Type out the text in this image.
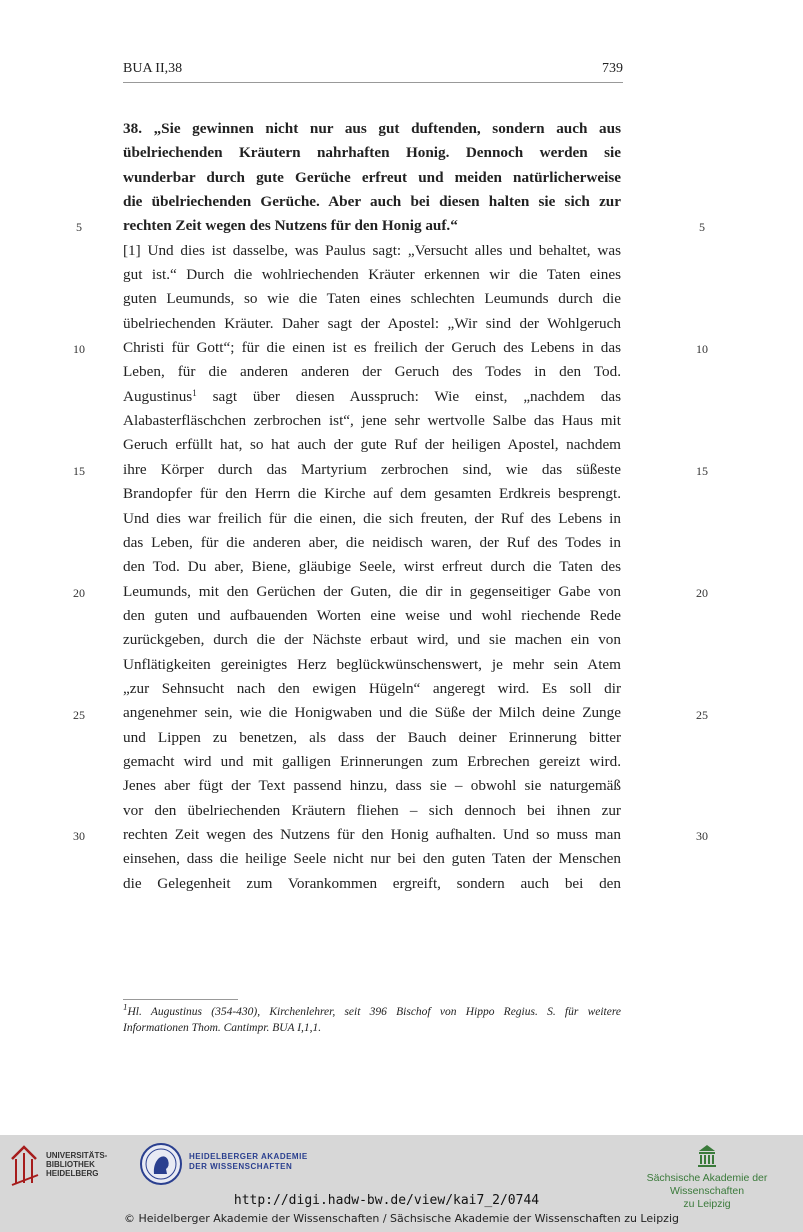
BUA II,38	739
5	5
10	10
15	15
20	20
25	25
30	30
38. „Sie gewinnen nicht nur aus gut duftenden, sondern auch aus
übelriechenden Kräutern nahrhaften Honig. Dennoch werden sie
wunderbar durch gute Gerüche erfreut und meiden natürlicherweise
die übelriechenden Gerüche. Aber auch bei diesen halten sie sich zur
rechten Zeit wegen des Nutzens für den Honig auf.“
[1] Und dies ist dasselbe, was Paulus sagt: „Versucht alles und behaltet, was
gut ist.“ Durch die wohlriechenden Kräuter erkennen wir die Taten eines
guten Leumunds, so wie die Taten eines schlechten Leumunds durch die
übelriechenden Kräuter. Daher sagt der Apostel: „Wir sind der Wohlgeruch
Christi für Gott“; für die einen ist es freilich der Geruch des Lebens in das
Leben, für die anderen anderen der Geruch des Todes in den Tod.
Augustinus$^1$ sagt über diesen Ausspruch: Wie einst, „nachdem das
Alabasterfläschchen zerbrochen ist“, jene sehr wertvolle Salbe das Haus mit
Geruch erfüllt hat, so hat auch der gute Ruf der heiligen Apostel, nachdem
ihre Körper durch das Martyrium zerbrochen sind, wie das süßeste
Brandopfer für den Herrn die Kirche auf dem gesamten Erdkreis besprengt.
Und dies war freilich für die einen, die sich freuten, der Ruf des Lebens in
das Leben, für die anderen aber, die neidisch waren, der Ruf des Todes in
den Tod. Du aber, Biene, gläubige Seele, wirst erfreut durch die Taten des
Leumunds, mit den Gerüchen der Guten, die dir in gegenseitiger Gabe von
den guten und aufbauenden Worten eine weise und wohl riechende Rede
zurückgeben, durch die der Nächste erbaut wird, und sie machen ein von
Unflätigkeiten gereinigtes Herz beglückwünschenswert, je mehr sein Atem
„zur Sehnsucht nach den ewigen Hügeln“ angeregt wird. Es soll dir
angenehmer sein, wie die Honigwaben und die Süße der Milch deine Zunge
und Lippen zu benetzen, als dass der Bauch deiner Erinnerung bitter
gemacht wird und mit galligen Erinnerungen zum Erbrechen gereizt wird.
Jenes aber fügt der Text passend hinzu, dass sie – obwohl sie naturgemäß
vor den übelriechenden Kräutern fliehen – sich dennoch bei ihnen zur
rechten Zeit wegen des Nutzens für den Honig aufhalten. Und so muss man
einsehen, dass die heilige Seele nicht nur bei den guten Taten der Menschen
die Gelegenheit zum Vorankommen ergreift, sondern auch bei den
$^1$Hl. Augustinus (354-430), Kirchenlehrer, seit 396 Bischof von Hippo Regius. S. für weitere
Informationen Thom. Cantimpr. BUA I,1,1.
UNIVERSITÄTS-
BIBLIOTHEK
HEIDELBERG
HEIDELBERGER AKADEMIE
DER WISSENSCHAFTEN
Sächsische Akademie der Wissenschaften
zu Leipzig
http://digi.hadw-bw.de/view/kai7_2/0744
© Heidelberger Akademie der Wissenschaften / Sächsische Akademie der Wissenschaften zu Leipzig
